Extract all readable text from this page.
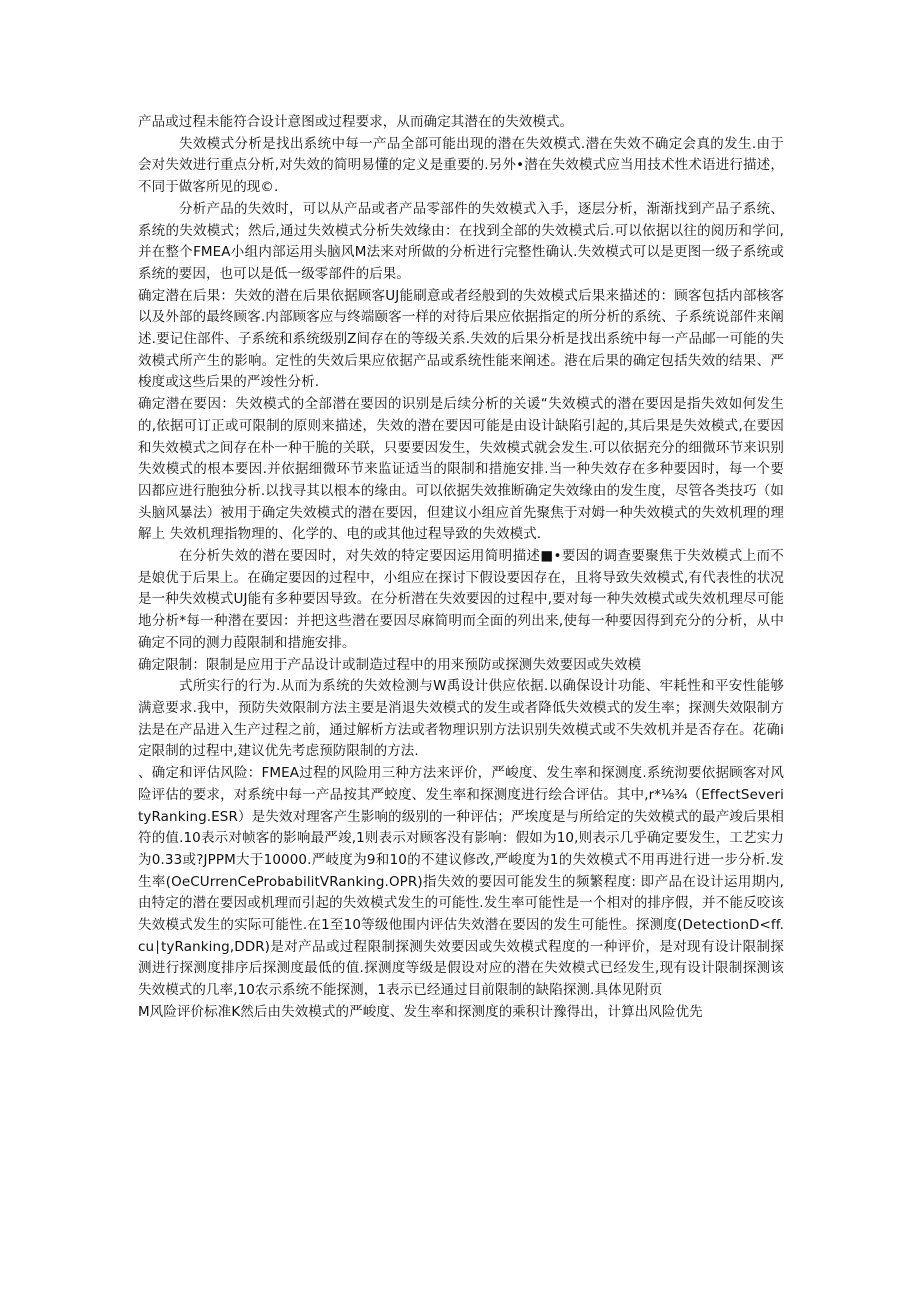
产品或过程未能符合设计意图或过程要求，从而确定其潜在的失效模式。

失效模式分析是找出系统中每一产品全部可能出现的潜在失效模式.潜在失效不确定会真的发生.由于会对失效进行重点分析,对失效的简明易懂的定义是重要的.另外•潜在失效模式应当用技术性术语进行描述，不同于做客所见的现©.

分析产品的失效时，可以从产品或者产品零部件的失效模式入手，逐层分析，渐渐找到产品子系统、系统的失效模式；然后,通过失效模式分析失效缘由：在找到全部的失效模式后.可以依据以往的阅历和学问,并在整个FMEA小组内部运用头脑风M法来对所做的分析进行完整性确认.失效模式可以是更图一级子系统或系统的要因，也可以是低一级零部件的后果。

确定潜在后果：失效的潜在后果依据顾客UJ能刷意或者经般到的失效模式后果来描述的：顾客包括内部核客以及外部的最终顾客.内部顾客应与终端颐客一样的对待后果应依据指定的所分析的系统、子系统说部件来阐述.要记住部件、子系统和系统级别Z间存在的等级关系.失效的后果分析是找出系统中每一产品邮一可能的失效模式所产生的影响。定性的失效后果应依据产品或系统性能来阐述。港在后果的确定包括失效的结果、严梭度或这些后果的严竣性分析.

确定潜在要因：失效模式的全部潜在要因的识别是后续分析的关谖“失效模式的潜在要因是指失效如何发生的,依据可订正或可限制的原则来描述，失效的潜在要因可能是由设计缺陷引起的,其后果是失效模式,在要因和失效模式之间存在朴一种干脆的关联，只要要因发生，失效模式就会发生.可以依据充分的细微环节来识别失效模式的根本要因.并依据细微环节来监证适当的限制和措施安排.当一种失效存在多种要因时，每一个要囚都应进行胞独分析.以找寻其以根本的缘由。可以依据失效推断确定失效缘由的发生度，尽管各类技巧（如头脑风暴法）被用于确定失效模式的潜在要因，但建议小组应首先聚焦于对姆一种失效模式的失效机理的理解上 失效机理指物理的、化学的、电的或其他过程导致的失效模式.

在分析失效的潜在要因时，对失效的特定要因运用简明描述■•要因的调查要聚焦于失效模式上而不是娘优于后果上。在确定要因的过程中，小组应在探讨下假设要因存在，且将导致失效模式,有代表性的状况是一种失效模式UJ能有多种要因导致。在分析潜在失效要因的过程中,要对每一种失效模式或失效机理尽可能地分析*每一种潜在要因：并把这些潜在要因尽麻简明而全面的列出来,使每一种要因得到充分的分析，从中确定不同的测力葭限制和措施安排。

确定限制：限制是应用于产品设计或制造过程中的用来预防或探测失效要因或失效模

式所实行的行为.从而为系统的失效检测与W禹设计供应依据.以确保设计功能、牢耗性和平安性能够满意要求.我中，预防失效限制方法主要是消退失效模式的发生或者降低失效模式的发生率；探测失效限制方法是在产品进入生产过程之前，通过解析方法或者物理识别方法识别失效模式或不失效机并是否存在。花确i定限制的过程中,建议优先考虑预防限制的方法.

、确定和评估风险：FMEA过程的风险用三种方法来评价，严峻度、发生率和探测度.系统沏要依据顾客对风险评估的要求，对系统中每一产品按其严蛟度、发生率和探测度进行绘合评估。其中,r*⅛¾（EffectSeverityRanking.ESR）是失效对理客产生影响的级别的一种评估；严埃度是与所给定的失效模式的最产竣后果相符的值.10表示对帧客的影响最严竣,1则表示对顾客没有影响：假如为10,则表示几乎确定要发生，工艺实力为0.33或?JPPM大于10000.严岐度为9和10的不建议修改,严峻度为1的失效模式不用再进行进一步分析.发生率(OeCUrrenCeProbabilitVRanking.OPR)指失效的要因可能发生的频繁程度: 即产品在设计运用期内,由特定的潜在要因或机理而引起的失效模式发生的可能性.发生率可能性是一个相对的排序假，并不能反咬该失效模式发生的实际可能性.在1至10等级他围内评估失效潜在要因的发生可能性。探测度(DetectionD<ff.cu∣tyRanking,DDR)是对产品或过程限制探测失效要因或失效模式程度的一种评价，是对现有设计限制探测进行探测度排序后探测度最低的值.探测度等级是假设对应的潜在失效模式已经发生,现有设计限制探测该失效模式的几率,10农示系统不能探测，1表示已经通过目前限制的缺陷探测.具体见附页

M风险评价标准K然后由失效模式的严峻度、发生率和探测度的乘积计豫得出，计算出风险优先
